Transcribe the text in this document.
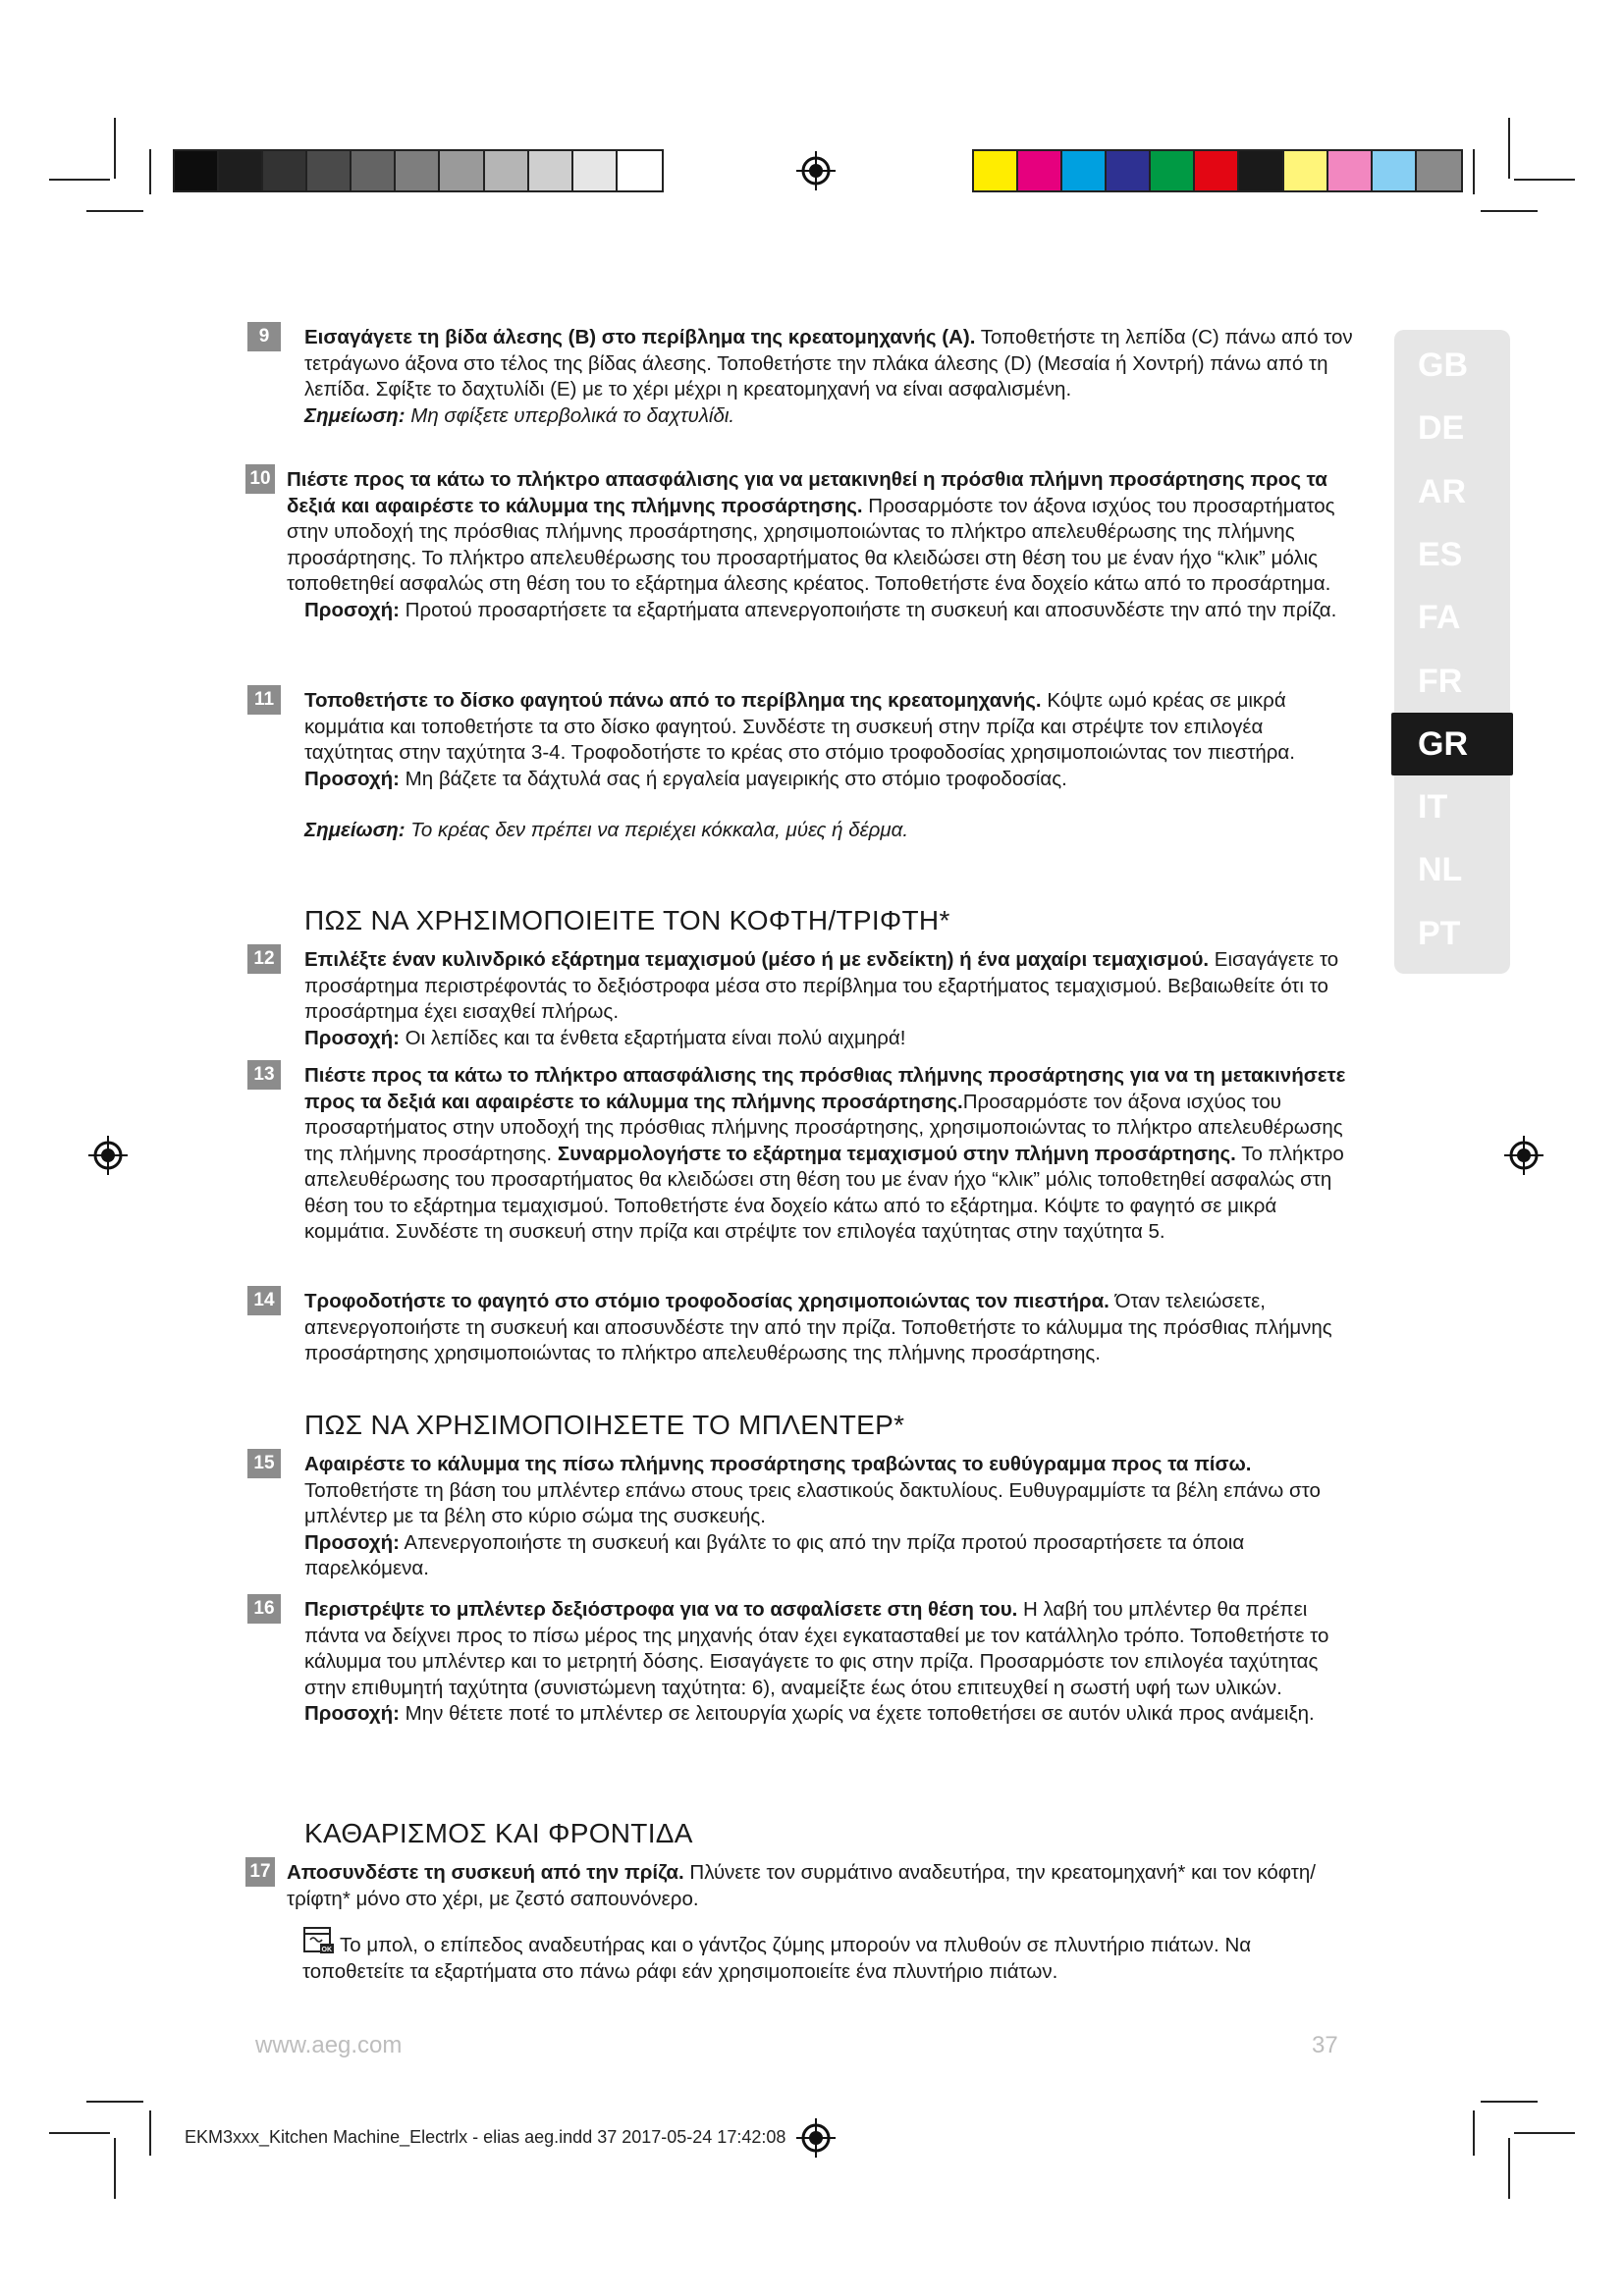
GB
DE
AR
ES
FA
FR
GR
IT
NL
PT
9	Εισαγάγετε τη βίδα άλεσης (B) στο περίβλημα της κρεατομηχανής (A). Τοποθετήστε τη λεπίδα (C) πάνω από τον τετράγωνο άξονα στο τέλος της βίδας άλεσης. Τοποθετήστε την πλάκα άλεσης (D) (Μεσαία ή Χοντρή) πάνω από τη λεπίδα. Σφίξτε το δαχτυλίδι (E) με το χέρι μέχρι η κρεατομηχανή να είναι ασφαλισμένη.
Σημείωση: Μη σφίξετε υπερβολικά το δαχτυλίδι.
10 Πιέστε προς τα κάτω το πλήκτρο απασφάλισης για να μετακινηθεί η πρόσθια πλήμνη προσάρτησης προς τα δεξιά και αφαιρέστε το κάλυμμα της πλήμνης προσάρτησης. Προσαρμόστε τον άξονα ισχύος του προσαρτήματος στην υποδοχή της πρόσθιας πλήμνης προσάρτησης, χρησιμοποιώντας το πλήκτρο απελευθέρωσης της πλήμνης προσάρτησης. Το πλήκτρο απελευθέρωσης του προσαρτήματος θα κλειδώσει στη θέση του με έναν ήχο “κλικ” μόλις τοποθετηθεί ασφαλώς στη θέση του το εξάρτημα άλεσης κρέατος. Τοποθετήστε ένα δοχείο κάτω από το προσάρτημα.
Προσοχή: Προτού προσαρτήσετε τα εξαρτήματα απενεργοποιήστε τη συσκευή και αποσυνδέστε την από την πρίζα.
11	Τοποθετήστε το δίσκο φαγητού πάνω από το περίβλημα της κρεατομηχανής. Κόψτε ωμό κρέας σε μικρά κομμάτια και τοποθετήστε τα στο δίσκο φαγητού. Συνδέστε τη συσκευή στην πρίζα και στρέψτε τον επιλογέα ταχύτητας στην ταχύτητα 3-4. Τροφοδοτήστε το κρέας στο στόμιο τροφοδοσίας χρησιμοποιώντας τον πιεστήρα.
Προσοχή: Μη βάζετε τα δάχτυλά σας ή εργαλεία μαγειρικής στο στόμιο τροφοδοσίας.

Σημείωση: Το κρέας δεν πρέπει να περιέχει κόκκαλα, μύες ή δέρμα.
ΠΩΣ ΝΑ ΧΡΗΣΙΜΟΠΟΙΕΙΤΕ ΤΟΝ ΚΟΦΤΗ/ΤΡΙΦΤΗ*
12	Επιλέξτε έναν κυλινδρικό εξάρτημα τεμαχισμού (μέσο ή με ενδείκτη) ή ένα μαχαίρι τεμαχισμού. Εισαγάγετε το προσάρτημα περιστρέφοντάς το δεξιόστροφα μέσα στο περίβλημα του εξαρτήματος τεμαχισμού. Βεβαιωθείτε ότι το προσάρτημα έχει εισαχθεί πλήρως.
Προσοχή: Οι λεπίδες και τα ένθετα εξαρτήματα είναι πολύ αιχμηρά!
13	Πιέστε προς τα κάτω το πλήκτρο απασφάλισης της πρόσθιας πλήμνης προσάρτησης για να τη μετακινήσετε προς τα δεξιά και αφαιρέστε το κάλυμμα της πλήμνης προσάρτησης.Προσαρμόστε τον άξονα ισχύος του προσαρτήματος στην υποδοχή της πρόσθιας πλήμνης προσάρτησης, χρησιμοποιώντας το πλήκτρο απελευθέρωσης της πλήμνης προσάρτησης. Συναρμολογήστε το εξάρτημα τεμαχισμού στην πλήμνη προσάρτησης. Το πλήκτρο απελευθέρωσης του προσαρτήματος θα κλειδώσει στη θέση του με έναν ήχο “κλικ” μόλις τοποθετηθεί ασφαλώς στη θέση του το εξάρτημα τεμαχισμού. Τοποθετήστε ένα δοχείο κάτω από το εξάρτημα. Κόψτε το φαγητό σε μικρά κομμάτια. Συνδέστε τη συσκευή στην πρίζα και στρέψτε τον επιλογέα ταχύτητας στην ταχύτητα 5.
14	Τροφοδοτήστε το φαγητό στο στόμιο τροφοδοσίας χρησιμοποιώντας τον πιεστήρα. Όταν τελειώσετε, απενεργοποιήστε τη συσκευή και αποσυνδέστε την από την πρίζα. Τοποθετήστε το κάλυμμα της πρόσθιας πλήμνης προσάρτησης χρησιμοποιώντας το πλήκτρο απελευθέρωσης της πλήμνης προσάρτησης.
ΠΩΣ ΝΑ ΧΡΗΣΙΜΟΠΟΙΗΣΕΤΕ ΤΟ ΜΠΛΕΝΤΕΡ*
15	Αφαιρέστε το κάλυμμα της πίσω πλήμνης προσάρτησης τραβώντας το ευθύγραμμα προς τα πίσω. Τοποθετήστε τη βάση του μπλέντερ επάνω στους τρεις ελαστικούς δακτυλίους. Ευθυγραμμίστε τα βέλη επάνω στο μπλέντερ με τα βέλη στο κύριο σώμα της συσκευής.
Προσοχή: Απενεργοποιήστε τη συσκευή και βγάλτε το φις από την πρίζα προτού προσαρτήσετε τα όποια παρελκόμενα.
16	Περιστρέψτε το μπλέντερ δεξιόστροφα για να το ασφαλίσετε στη θέση του. Η λαβή του μπλέντερ θα πρέπει πάντα να δείχνει προς το πίσω μέρος της μηχανής όταν έχει εγκατασταθεί με τον κατάλληλο τρόπο. Τοποθετήστε το κάλυμμα του μπλέντερ και το μετρητή δόσης. Εισαγάγετε το φις στην πρίζα. Προσαρμόστε τον επιλογέα ταχύτητας στην επιθυμητή ταχύτητα (συνιστώμενη ταχύτητα: 6), αναμείξτε έως ότου επιτευχθεί η σωστή υφή των υλικών.
Προσοχή: Μην θέτετε ποτέ το μπλέντερ σε λειτουργία χωρίς να έχετε τοποθετήσει σε αυτόν υλικά προς ανάμειξη.
ΚΑΘΑΡΙΣΜΟΣ ΚΑΙ ΦΡΟΝΤΙΔΑ
17 Αποσυνδέστε τη συσκευή από την πρίζα. Πλύνετε τον συρμάτινο αναδευτήρα, την κρεατομηχανή* και τον κόφτη/τρίφτη* μόνο στο χέρι, με ζεστό σαπουνόνερο.
OK Το μπολ, ο επίπεδος αναδευτήρας και ο γάντζος ζύμης μπορούν να πλυθούν σε πλυντήριο πιάτων. Να τοποθετείτε τα εξαρτήματα στο πάνω ράφι εάν χρησιμοποιείτε ένα πλυντήριο πιάτων.
www.aeg.com	37
EKM3xxx_Kitchen Machine_Electrlx - elias aeg.indd 37 2017-05-24 17:42:08
